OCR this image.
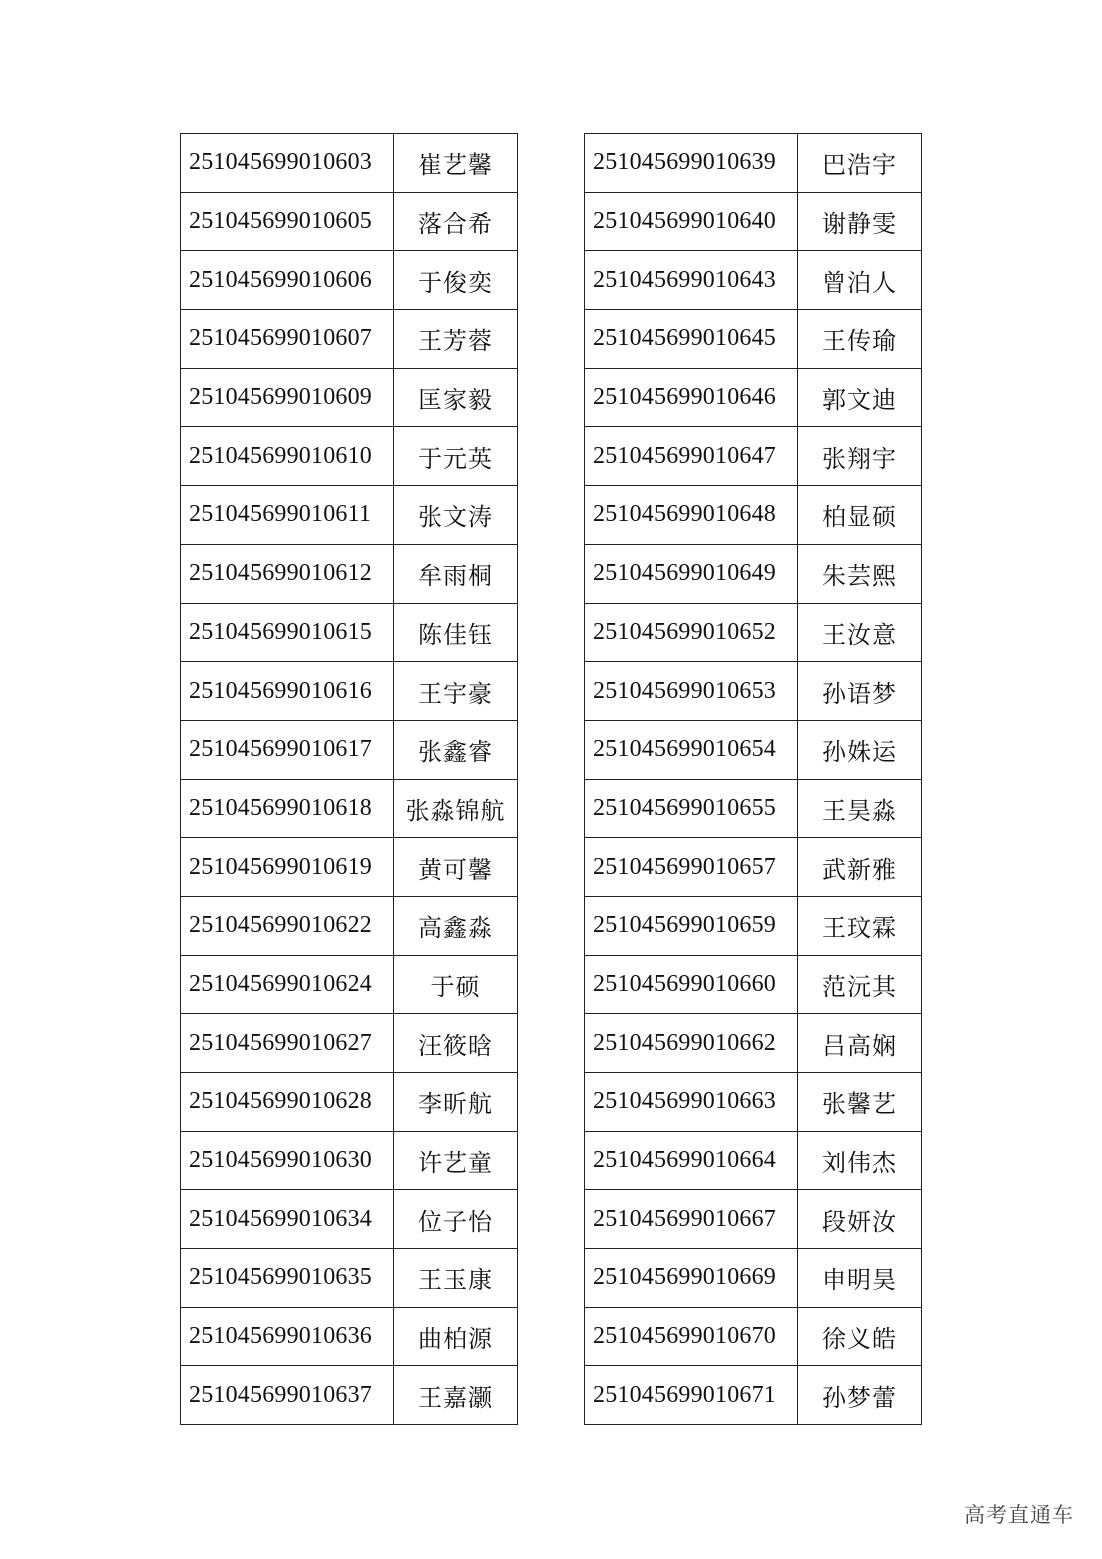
251045699010603	崔艺馨
251045699010605	落合希
251045699010606	于俊奕
251045699010607	王芳蓉
251045699010609	匡家毅
251045699010610	于元英
251045699010611	张文涛
251045699010612	牟雨桐
251045699010615	陈佳钰
251045699010616	王宇豪
251045699010617	张鑫睿
251045699010618	张淼锦航
251045699010619	黄可馨
251045699010622	高鑫淼
251045699010624	于硕
251045699010627	汪筱晗
251045699010628	李昕航
251045699010630	许艺童
251045699010634	位子怡
251045699010635	王玉康
251045699010636	曲柏源
251045699010637	王嘉灏
251045699010639	巴浩宇
251045699010640	谢静雯
251045699010643	曾泊人
251045699010645	王传瑜
251045699010646	郭文迪
251045699010647	张翔宇
251045699010648	柏显硕
251045699010649	朱芸熙
251045699010652	王汝意
251045699010653	孙语梦
251045699010654	孙姝运
251045699010655	王昊淼
251045699010657	武新雅
251045699010659	王玟霖
251045699010660	范沅其
251045699010662	吕高娴
251045699010663	张馨艺
251045699010664	刘伟杰
251045699010667	段妍汝
251045699010669	申明昊
251045699010670	徐义皓
251045699010671	孙梦蕾
高考直通车
